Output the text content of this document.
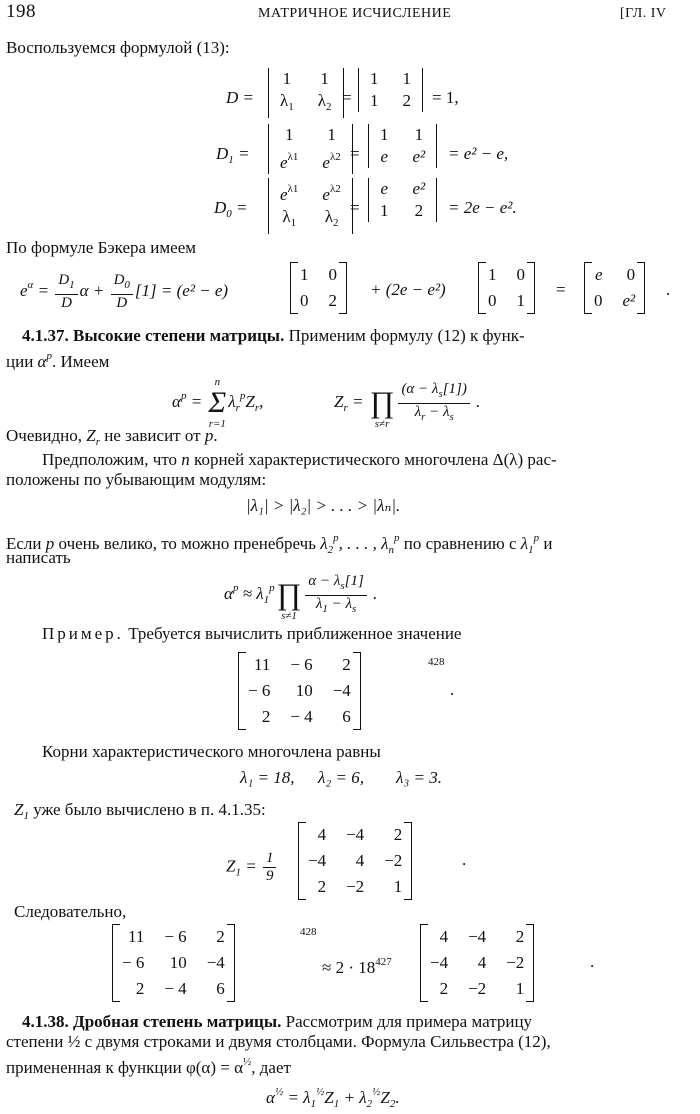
198	МАТРИЧНОЕ ИСЧИСЛЕНИЕ	[ГЛ. IV
Воспользуемся формулой (13):
D =
1	1
$\lambda_1$	$\lambda_2$ =
1	1
1	2 = 1,
$D_1$ =
1	1
$e^{\lambda 1}$	$e^{\lambda 2}$ =
1	1
e	e² = e² − e,
$D_0$ =
$e^{\lambda 1}$	$e^{\lambda 2}$
$\lambda_1$	$\lambda_2$
=
e	e²
1	2 = 2e − e².
По формуле Бэкера имеем
$e^\alpha = \frac{D_1}{D}$ $\alpha + \frac{D_0}{D} [1] = (e^2 - e)$
1	0
0	2
+ (2e − e²)
1	0
0	1
=
e	0
0	e²
.
4.1.37. Высокие степени матрицы. Применим формулу (12) к функ-
ции $\alpha^p$. Имеем
$\alpha^p$ =
n
Σ
r=1
$\lambda_r^pZ_r$,	$Z_r$ =
∏
$s\ne r \frac{(\alpha - \lambda_s[1])}{\lambda_r - \lambda_s}$ .
Очевидно, $Z_r$ не зависит от p.
Предположим, что n корней характеристического многочлена Δ(λ) рас-
положены по убывающим модулям:
|λ₁| > |λ₂| > . . . > |λₙ|.
Если p очень велико, то можно пренебречь $\lambda_2^p$, . . . , $\lambda_n^p$ по сравнению с $\lambda_1^p$ и
написать
$\alpha^p \approx \lambda_1^p$
∏
$s\ne 1 \frac{\alpha - \lambda_s[1]}{\lambda_1 - \lambda_s}$ .
Пример. Требуется вычислить приближенное значение
11	− 6	2
− 6	10	−4
2	− 4	6
428
.
Корни характеристического многочлена равны
λ₁ = 18, λ₂ = 6, λ₃ = 3.
$Z_1$ уже было вычислено в п. 4.1.35:
$Z_1 = \frac{1}{9}$
4	−4	2
−4	4	−2
2	−2	1
.
Следовательно,
11	− 6	2
− 6	10	−4
2	− 4	6
428
≈ $2 \cdot 18^{427}$
4	−4	2
−4	4	−2
2	−2	1
.
4.1.38. Дробная степень матрицы. Рассмотрим для примера матрицу
степени ½ с двумя строками и двумя столбцами. Формула Сильвестра (12),
примененная к функции $\varphi(\alpha) = \alpha^{\frac{1}{2}}$, дает
$\alpha^{\frac{1}{2}} = \lambda_1^{\frac{1}{2}}Z_1 + \lambda_2^{\frac{1}{2}}Z_2$.
